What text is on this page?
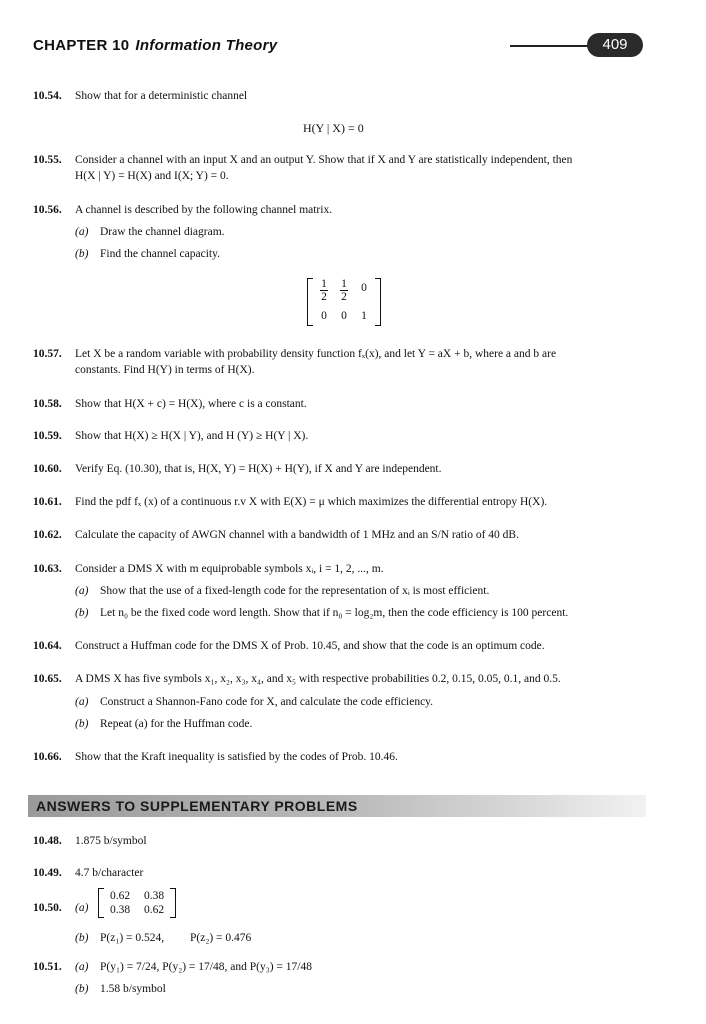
CHAPTER 10 Information Theory	409
10.54. Show that for a deterministic channel
H(Y | X) = 0
10.55. Consider a channel with an input X and an output Y. Show that if X and Y are statistically independent, then
H(X | Y) = H(X) and I(X; Y) = 0.
10.56. A channel is described by the following channel matrix.
(a) Draw the channel diagram.
(b) Find the channel capacity.
$\frac{1}{2} \frac{1}{2} 0$
0	0	1
10.57. Let X be a random variable with probability density function fₓ(x), and let Y = aX + b, where a and b are
constants. Find H(Y) in terms of H(X).
10.58. Show that H(X + c) = H(X), where c is a constant.
10.59. Show that H(X) ≥ H(X | Y), and H (Y) ≥ H(Y | X).
10.60. Verify Eq. (10.30), that is, H(X, Y) = H(X) + H(Y), if X and Y are independent.
10.61. Find the pdf fₓ (x) of a continuous r.v X with E(X) = μ which maximizes the differential entropy H(X).
10.62. Calculate the capacity of AWGN channel with a bandwidth of 1 MHz and an S/N ratio of 40 dB.
10.63. Consider a DMS X with m equiprobable symbols xᵢ, i = 1, 2, ..., m.
(a) Show that the use of a fixed-length code for the representation of xᵢ is most efficient.
(b) Let n₀ be the fixed code word length. Show that if n₀ = log₂m, then the code efficiency is 100 percent.
10.64. Construct a Huffman code for the DMS X of Prob. 10.45, and show that the code is an optimum code.
10.65. A DMS X has five symbols x₁, x₂, x₃, x₄, and x₅ with respective probabilities 0.2, 0.15, 0.05, 0.1, and 0.5.
(a) Construct a Shannon-Fano code for X, and calculate the code efficiency.
(b) Repeat (a) for the Huffman code.
10.66. Show that the Kraft inequality is satisfied by the codes of Prob. 10.46.
ANSWERS TO SUPPLEMENTARY PROBLEMS
10.48. 1.875 b/symbol
10.49. 4.7 b/character
10.50. (a)
0.62	0.38
0.38	0.62
(b) P(z₁) = 0.524, P(z₂) = 0.476
10.51. (a) P(y₁) = 7/24, P(y₂) = 17/48, and P(y₃) = 17/48
(b) 1.58 b/symbol
